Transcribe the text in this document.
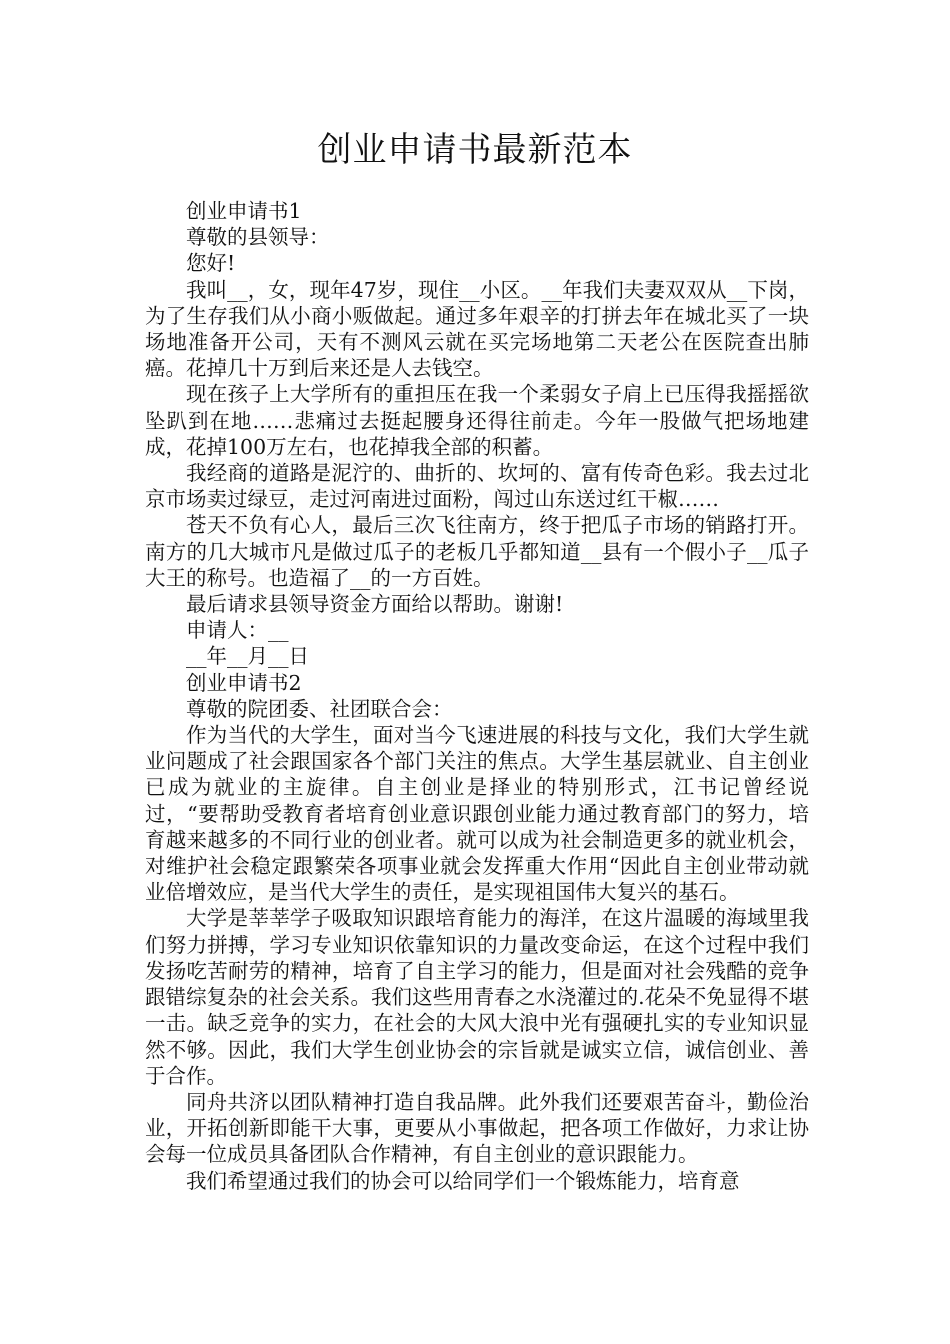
创业申请书最新范本

创业申请书1

尊敬的县领导：

您好!

我叫__，女，现年47岁，现住__小区。__年我们夫妻双双从__下岗，为了生存我们从小商小贩做起。通过多年艰辛的打拼去年在城北买了一块场地准备开公司，天有不测风云就在买完场地第二天老公在医院查出肺癌。花掉几十万到后来还是人去钱空。

现在孩子上大学所有的重担压在我一个柔弱女子肩上已压得我摇摇欲坠趴到在地……悲痛过去挺起腰身还得往前走。今年一股做气把场地建成，花掉100万左右，也花掉我全部的积蓄。

我经商的道路是泥泞的、曲折的、坎坷的、富有传奇色彩。我去过北京市场卖过绿豆，走过河南进过面粉，闯过山东送过红干椒……

苍天不负有心人，最后三次飞往南方，终于把瓜子市场的销路打开。南方的几大城市凡是做过瓜子的老板几乎都知道__县有一个假小子__瓜子大王的称号。也造福了__的一方百姓。

最后请求县领导资金方面给以帮助。谢谢!

申请人：__

__年__月__日

创业申请书2

尊敬的院团委、社团联合会：

作为当代的大学生，面对当今飞速进展的科技与文化，我们大学生就业问题成了社会跟国家各个部门关注的焦点。大学生基层就业、自主创业已成为就业的主旋律。自主创业是择业的特别形式，江书记曾经说过，“要帮助受教育者培育创业意识跟创业能力通过教育部门的努力，培育越来越多的不同行业的创业者。就可以成为社会制造更多的就业机会，对维护社会稳定跟繁荣各项事业就会发挥重大作用“因此自主创业带动就业倍增效应，是当代大学生的责任，是实现祖国伟大复兴的基石。

大学是莘莘学子吸取知识跟培育能力的海洋，在这片温暖的海域里我们努力拼搏，学习专业知识依靠知识的力量改变命运，在这个过程中我们发扬吃苦耐劳的精神，培育了自主学习的能力，但是面对社会残酷的竞争跟错综复杂的社会关系。我们这些用青春之水浇灌过的.花朵不免显得不堪一击。缺乏竞争的实力，在社会的大风大浪中光有强硬扎实的专业知识显然不够。因此，我们大学生创业协会的宗旨就是诚实立信，诚信创业、善于合作。

同舟共济以团队精神打造自我品牌。此外我们还要艰苦奋斗，勤俭治业，开拓创新即能干大事，更要从小事做起，把各项工作做好，力求让协会每一位成员具备团队合作精神，有自主创业的意识跟能力。

我们希望通过我们的协会可以给同学们一个锻炼能力，培育意
